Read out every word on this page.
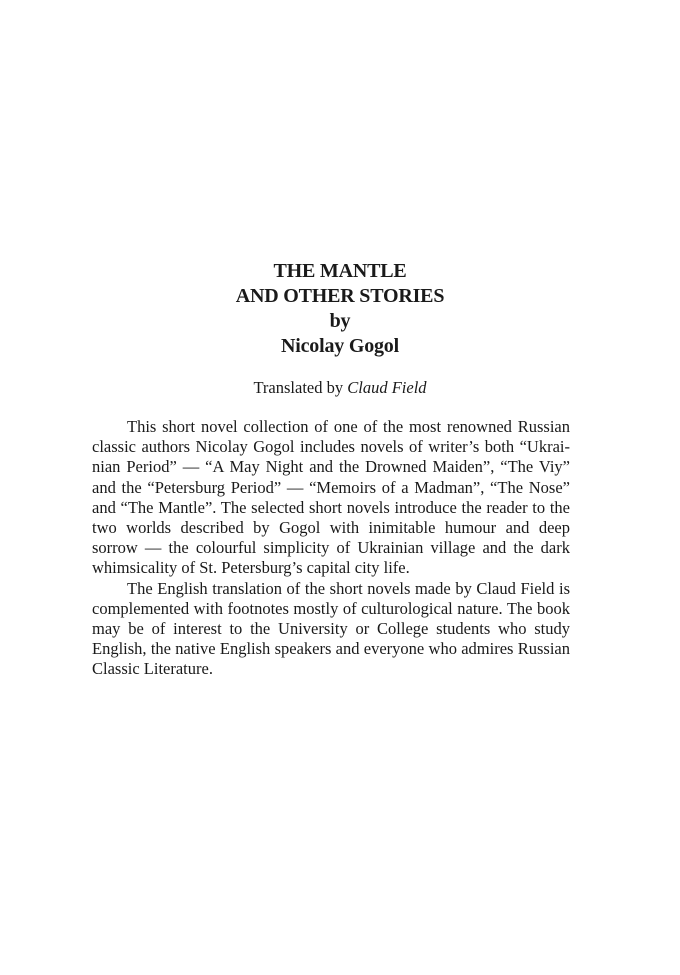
THE MANTLE
AND OTHER STORIES
by
Nicolay Gogol
Translated by Claud Field

This short novel collection of one of the most renowned Russian classic authors Nicolay Gogol includes novels of writer’s both “Ukrainian Period” — “A May Night and the Drowned Maiden”, “The Viy” and the “Petersburg Period” — “Memoirs of a Madman”, “The Nose” and “The Mantle”. The selected short novels introduce the reader to the two worlds described by Gogol with inimitable humour and deep sorrow — the colourful simplicity of Ukrainian village and the dark whimsicality of St. Petersburg’s capital city life.

The English translation of the short novels made by Claud Field is complemented with footnotes mostly of culturological nature. The book may be of interest to the University or College students who study English, the native English speakers and everyone who admires Russian Classic Literature.
